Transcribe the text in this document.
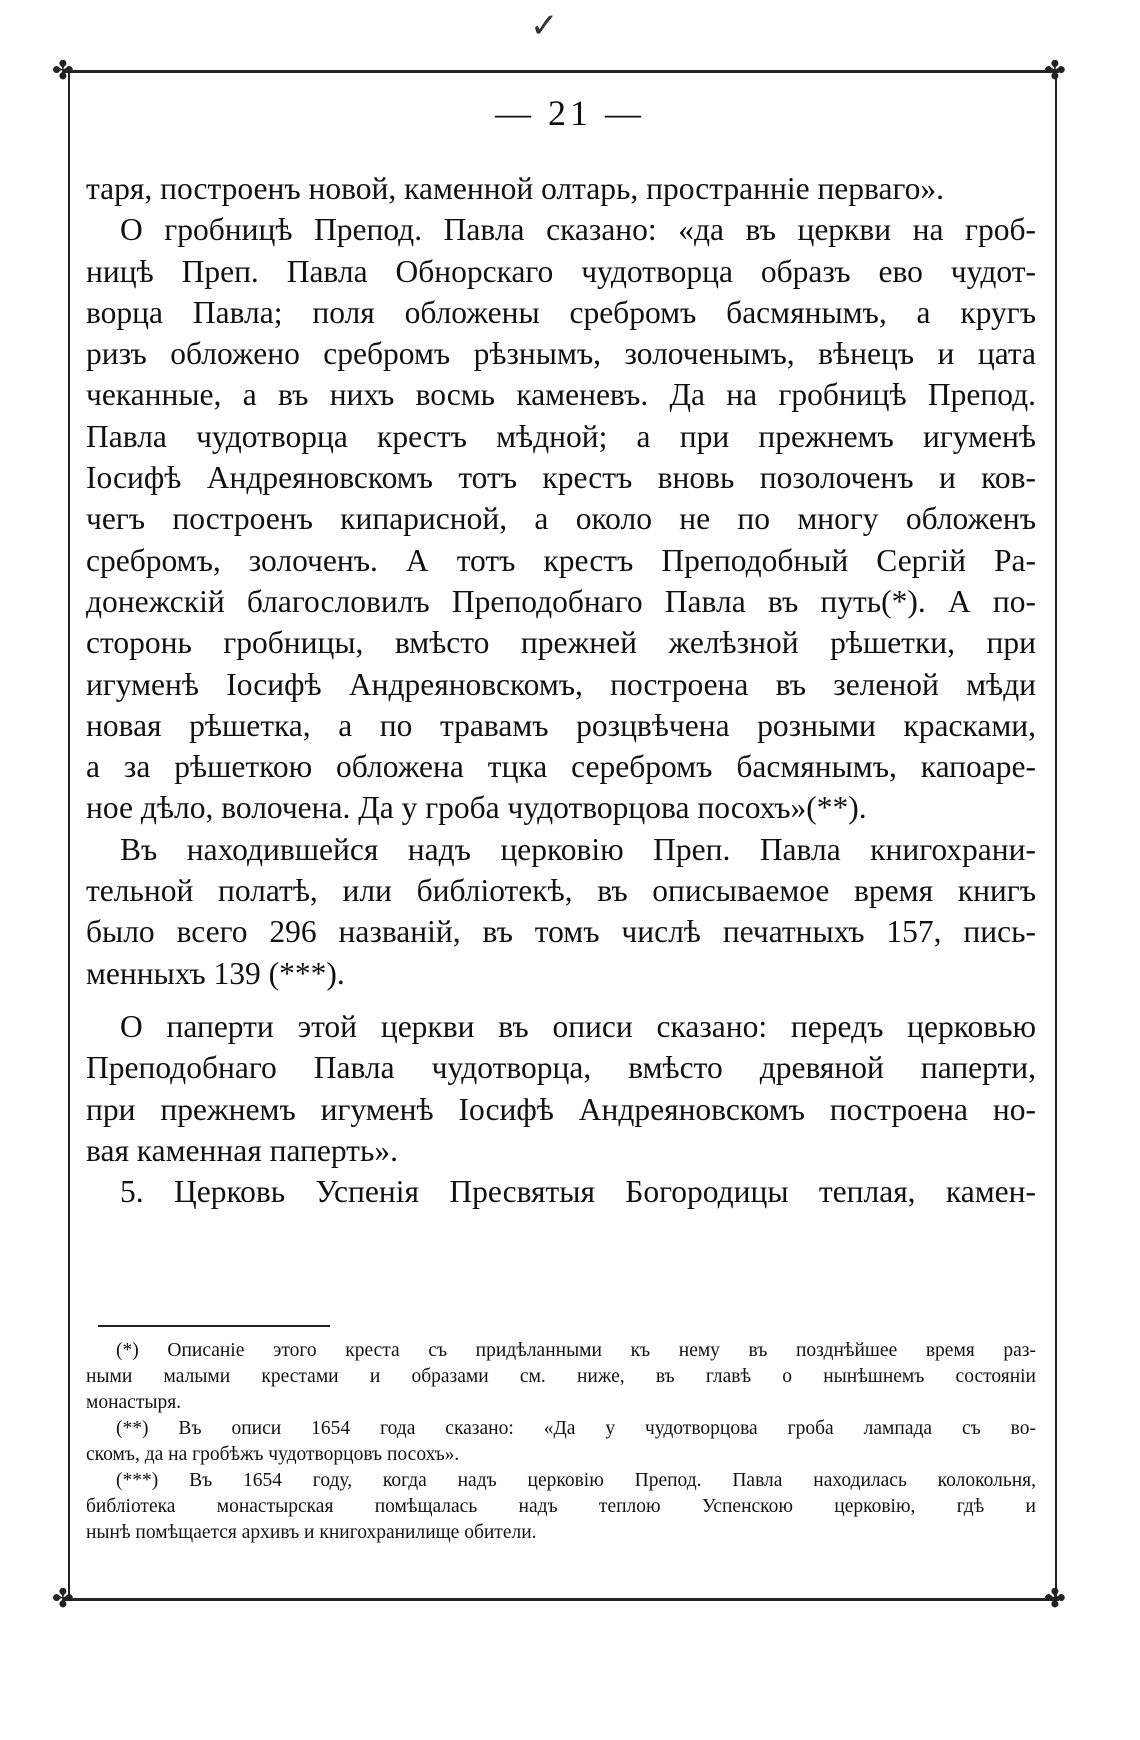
✓
✤	✤
✤	✤
— 21 —
таря, построенъ новой, каменной олтарь, пространніе перваго».
О гробницѣ Препод. Павла сказано: «да въ церкви на гроб-
ницѣ Преп. Павла Обнорскаго чудотворца образъ ево чудот-
ворца Павла; поля обложены сребромъ басмянымъ, а кругъ
ризъ обложено сребромъ рѣзнымъ, золоченымъ, вѣнецъ и цата
чеканные, а въ нихъ восмь каменевъ. Да на гробницѣ Препод.
Павла чудотворца крестъ мѣдной; а при прежнемъ игуменѣ
Іосифѣ Андреяновскомъ тотъ крестъ вновь позолоченъ и ков-
чегъ построенъ кипарисной, а около не по многу обложенъ
сребромъ, золоченъ. А тотъ крестъ Преподобный Сергій Ра-
донежскій благословилъ Преподобнаго Павла въ путь(*). А по-
сторонь гробницы, вмѣсто прежней желѣзной рѣшетки, при
игуменѣ Іосифѣ Андреяновскомъ, построена въ зеленой мѣди
новая рѣшетка, а по травамъ розцвѣчена розными красками,
а за рѣшеткою обложена тцка серебромъ басмянымъ, капоаре-
ное дѣло, волочена. Да у гроба чудотворцова посохъ»(**).
Въ находившейся надъ церковію Преп. Павла книгохрани-
тельной полатѣ, или библіотекѣ, въ описываемое время книгъ
было всего 296 названій, въ томъ числѣ печатныхъ 157, пись-
менныхъ 139 (***).
О паперти этой церкви въ описи сказано: передъ церковью
Преподобнаго Павла чудотворца, вмѣсто древяной паперти,
при прежнемъ игуменѣ Іосифѣ Андреяновскомъ построена но-
вая каменная паперть».
5. Церковь Успенія Пресвятыя Богородицы теплая, камен-
(*) Описаніе этого креста съ придѣланными къ нему въ позднѣйшее время раз-
ными малыми крестами и образами см. ниже, въ главѣ о нынѣшнемъ состояніи
монастыря.
(**) Въ описи 1654 года сказано: «Да у чудотворцова гроба лампада съ во-
скомъ, да на гробѣжъ чудотворцовъ посохъ».
(***) Въ 1654 году, когда надъ церковію Препод. Павла находилась колокольня,
библіотека монастырская помѣщалась надъ теплою Успенскою церковію, гдѣ и
нынѣ помѣщается архивъ и книгохранилище обители.
